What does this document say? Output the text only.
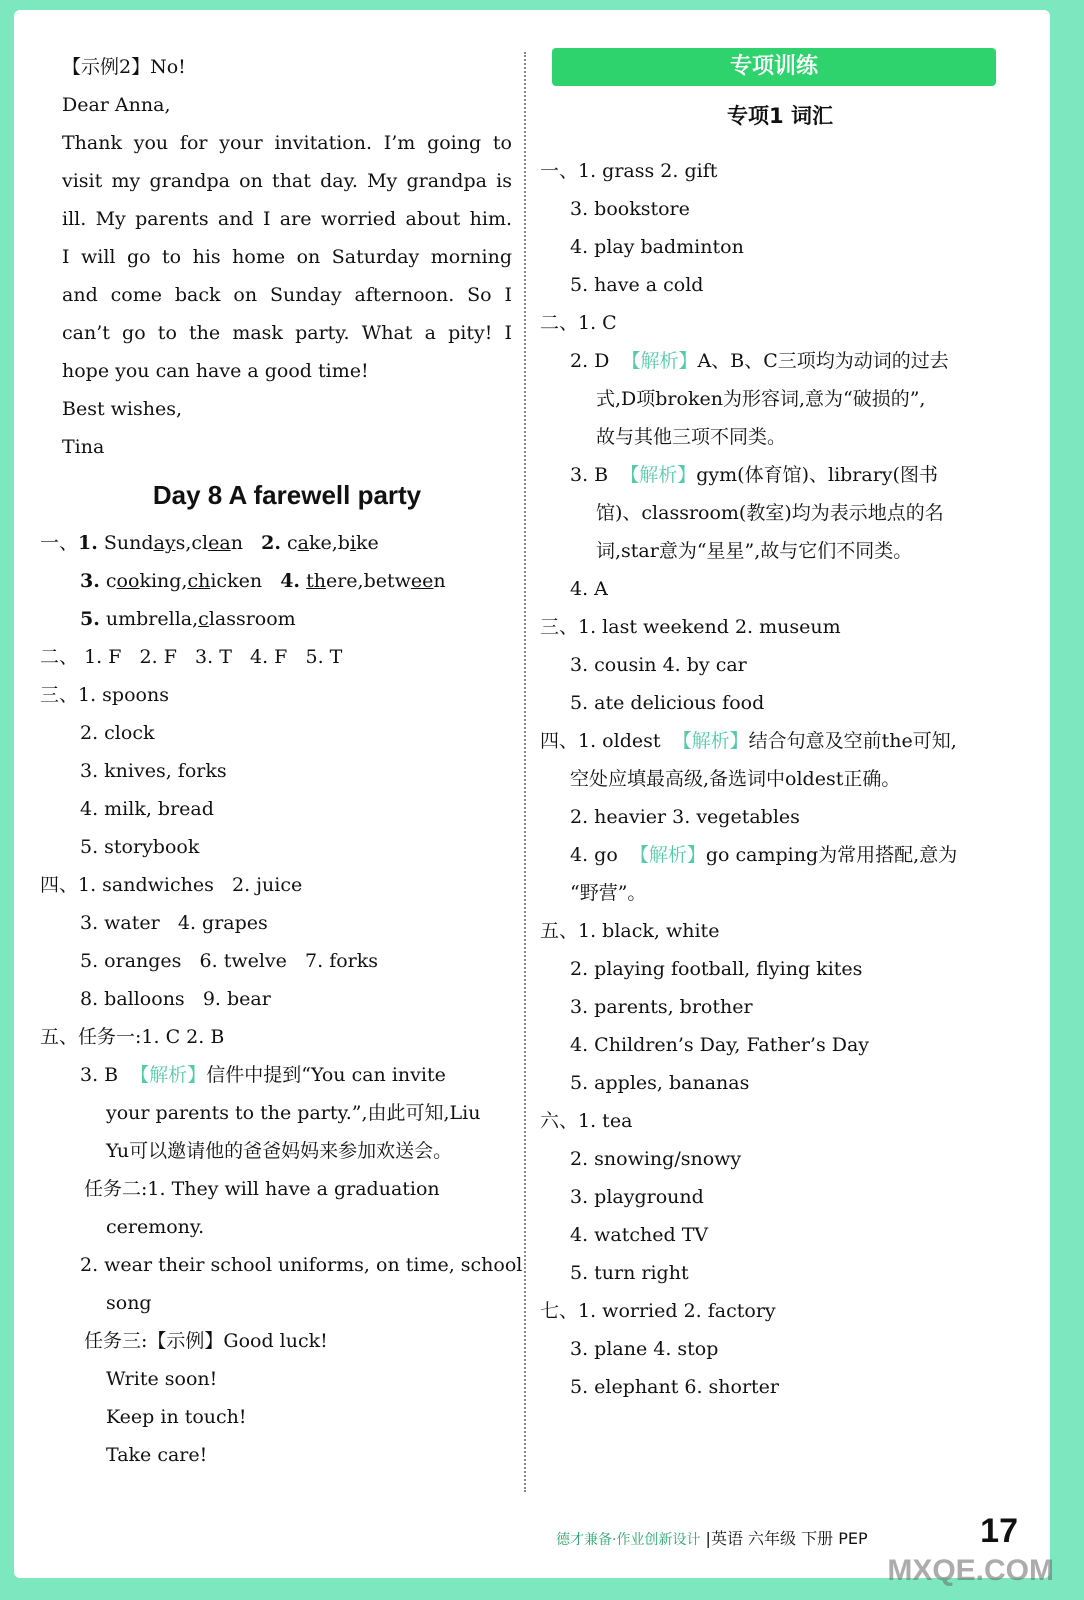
【示例2】No!
Dear Anna,
Thank you for your invitation. I’m going to
visit my grandpa on that day. My grandpa is
ill. My parents and I are worried about him.
I will go to his home on Saturday morning
and come back on Sunday afternoon. So I
can’t go to the mask party. What a pity! I
hope you can have a good time!
Best wishes,
Tina
Day 8 A farewell party
一、1. Sundays,clean 2. cake,bike
3. cooking,chicken 4. there,between
5. umbrella,classroom
二、 1. F 2. F 3. T 4. F 5. T
三、1. spoons
2. clock
3. knives, forks
4. milk, bread
5. storybook
四、1. sandwiches 2. juice
3. water 4. grapes
5. oranges 6. twelve 7. forks
8. balloons 9. bear
五、任务一:1. C 2. B
3. B 【解析】信件中提到“You can invite
your parents to the party.”,由此可知,Liu
Yu可以邀请他的爸爸妈妈来参加欢送会。
任务二:1. They will have a graduation
ceremony.
2. wear their school uniforms, on time, school
song
任务三:【示例】Good luck!
Write soon!
Keep in touch!
Take care!
专项训练
专项1 词汇
一、1. grass 2. gift
3. bookstore
4. play badminton
5. have a cold
二、1. C
2. D 【解析】A、B、C三项均为动词的过去
式,D项broken为形容词,意为“破损的”,
故与其他三项不同类。
3. B 【解析】gym(体育馆)、library(图书
馆)、classroom(教室)均为表示地点的名
词,star意为“星星”,故与它们不同类。
4. A
三、1. last weekend 2. museum
3. cousin 4. by car
5. ate delicious food
四、1. oldest 【解析】结合句意及空前the可知,
空处应填最高级,备选词中oldest正确。
2. heavier 3. vegetables
4. go 【解析】go camping为常用搭配,意为
“野营”。
五、1. black, white
2. playing football, flying kites
3. parents, brother
4. Children’s Day, Father’s Day
5. apples, bananas
六、1. tea
2. snowing/snowy
3. playground
4. watched TV
5. turn right
七、1. worried 2. factory
3. plane 4. stop
5. elephant 6. shorter
德才兼备·作业创新设计 |英语 六年级 下册 PEP	17
MXQE.COM
